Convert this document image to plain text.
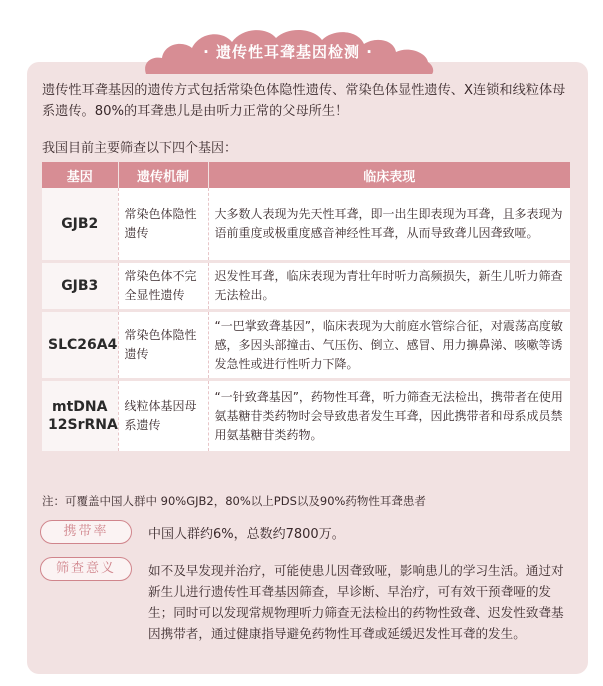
· 遗传性耳聋基因检测 ·
遗传性耳聋基因的遗传方式包括常染色体隐性遗传、常染色体显性遗传、X连锁和线粒体母系遗传。80%的耳聋患儿是由听力正常的父母所生！
我国目前主要筛查以下四个基因：
基因	遗传机制	临床表现
GJB2	常染色体隐性遗传	大多数人表现为先天性耳聋，即一出生即表现为耳聋，且多表现为语前重度或极重度感音神经性耳聋，从而导致聋儿因聋致哑。
GJB3	常染色体不完全显性遗传	迟发性耳聋，临床表现为青壮年时听力高频损失，新生儿听力筛查无法检出。
SLC26A4	常染色体隐性遗传	“一巴掌致聋基因”，临床表现为大前庭水管综合征，对震荡高度敏感，多因头部撞击、气压伤、倒立、感冒、用力擤鼻涕、咳嗽等诱发急性或进行性听力下降。
mtDNA 12SrRNA	线粒体基因母系遗传	“一针致聋基因”，药物性耳聋，听力筛查无法检出，携带者在使用氨基糖苷类药物时会导致患者发生耳聋，因此携带者和母系成员禁用氨基糖苷类药物。
注：可覆盖中国人群中 90%GJB2，80%以上PDS以及90%药物性耳聋患者
携带率	中国人群约6%，总数约7800万。
筛查意义	如不及早发现并治疗，可能使患儿因聋致哑，影响患儿的学习生活。通过对新生儿进行遗传性耳聋基因筛查，早诊断、早治疗，可有效干预聋哑的发生；同时可以发现常规物理听力筛查无法检出的药物性致聋、迟发性致聋基因携带者，通过健康指导避免药物性耳聋或延缓迟发性耳聋的发生。
